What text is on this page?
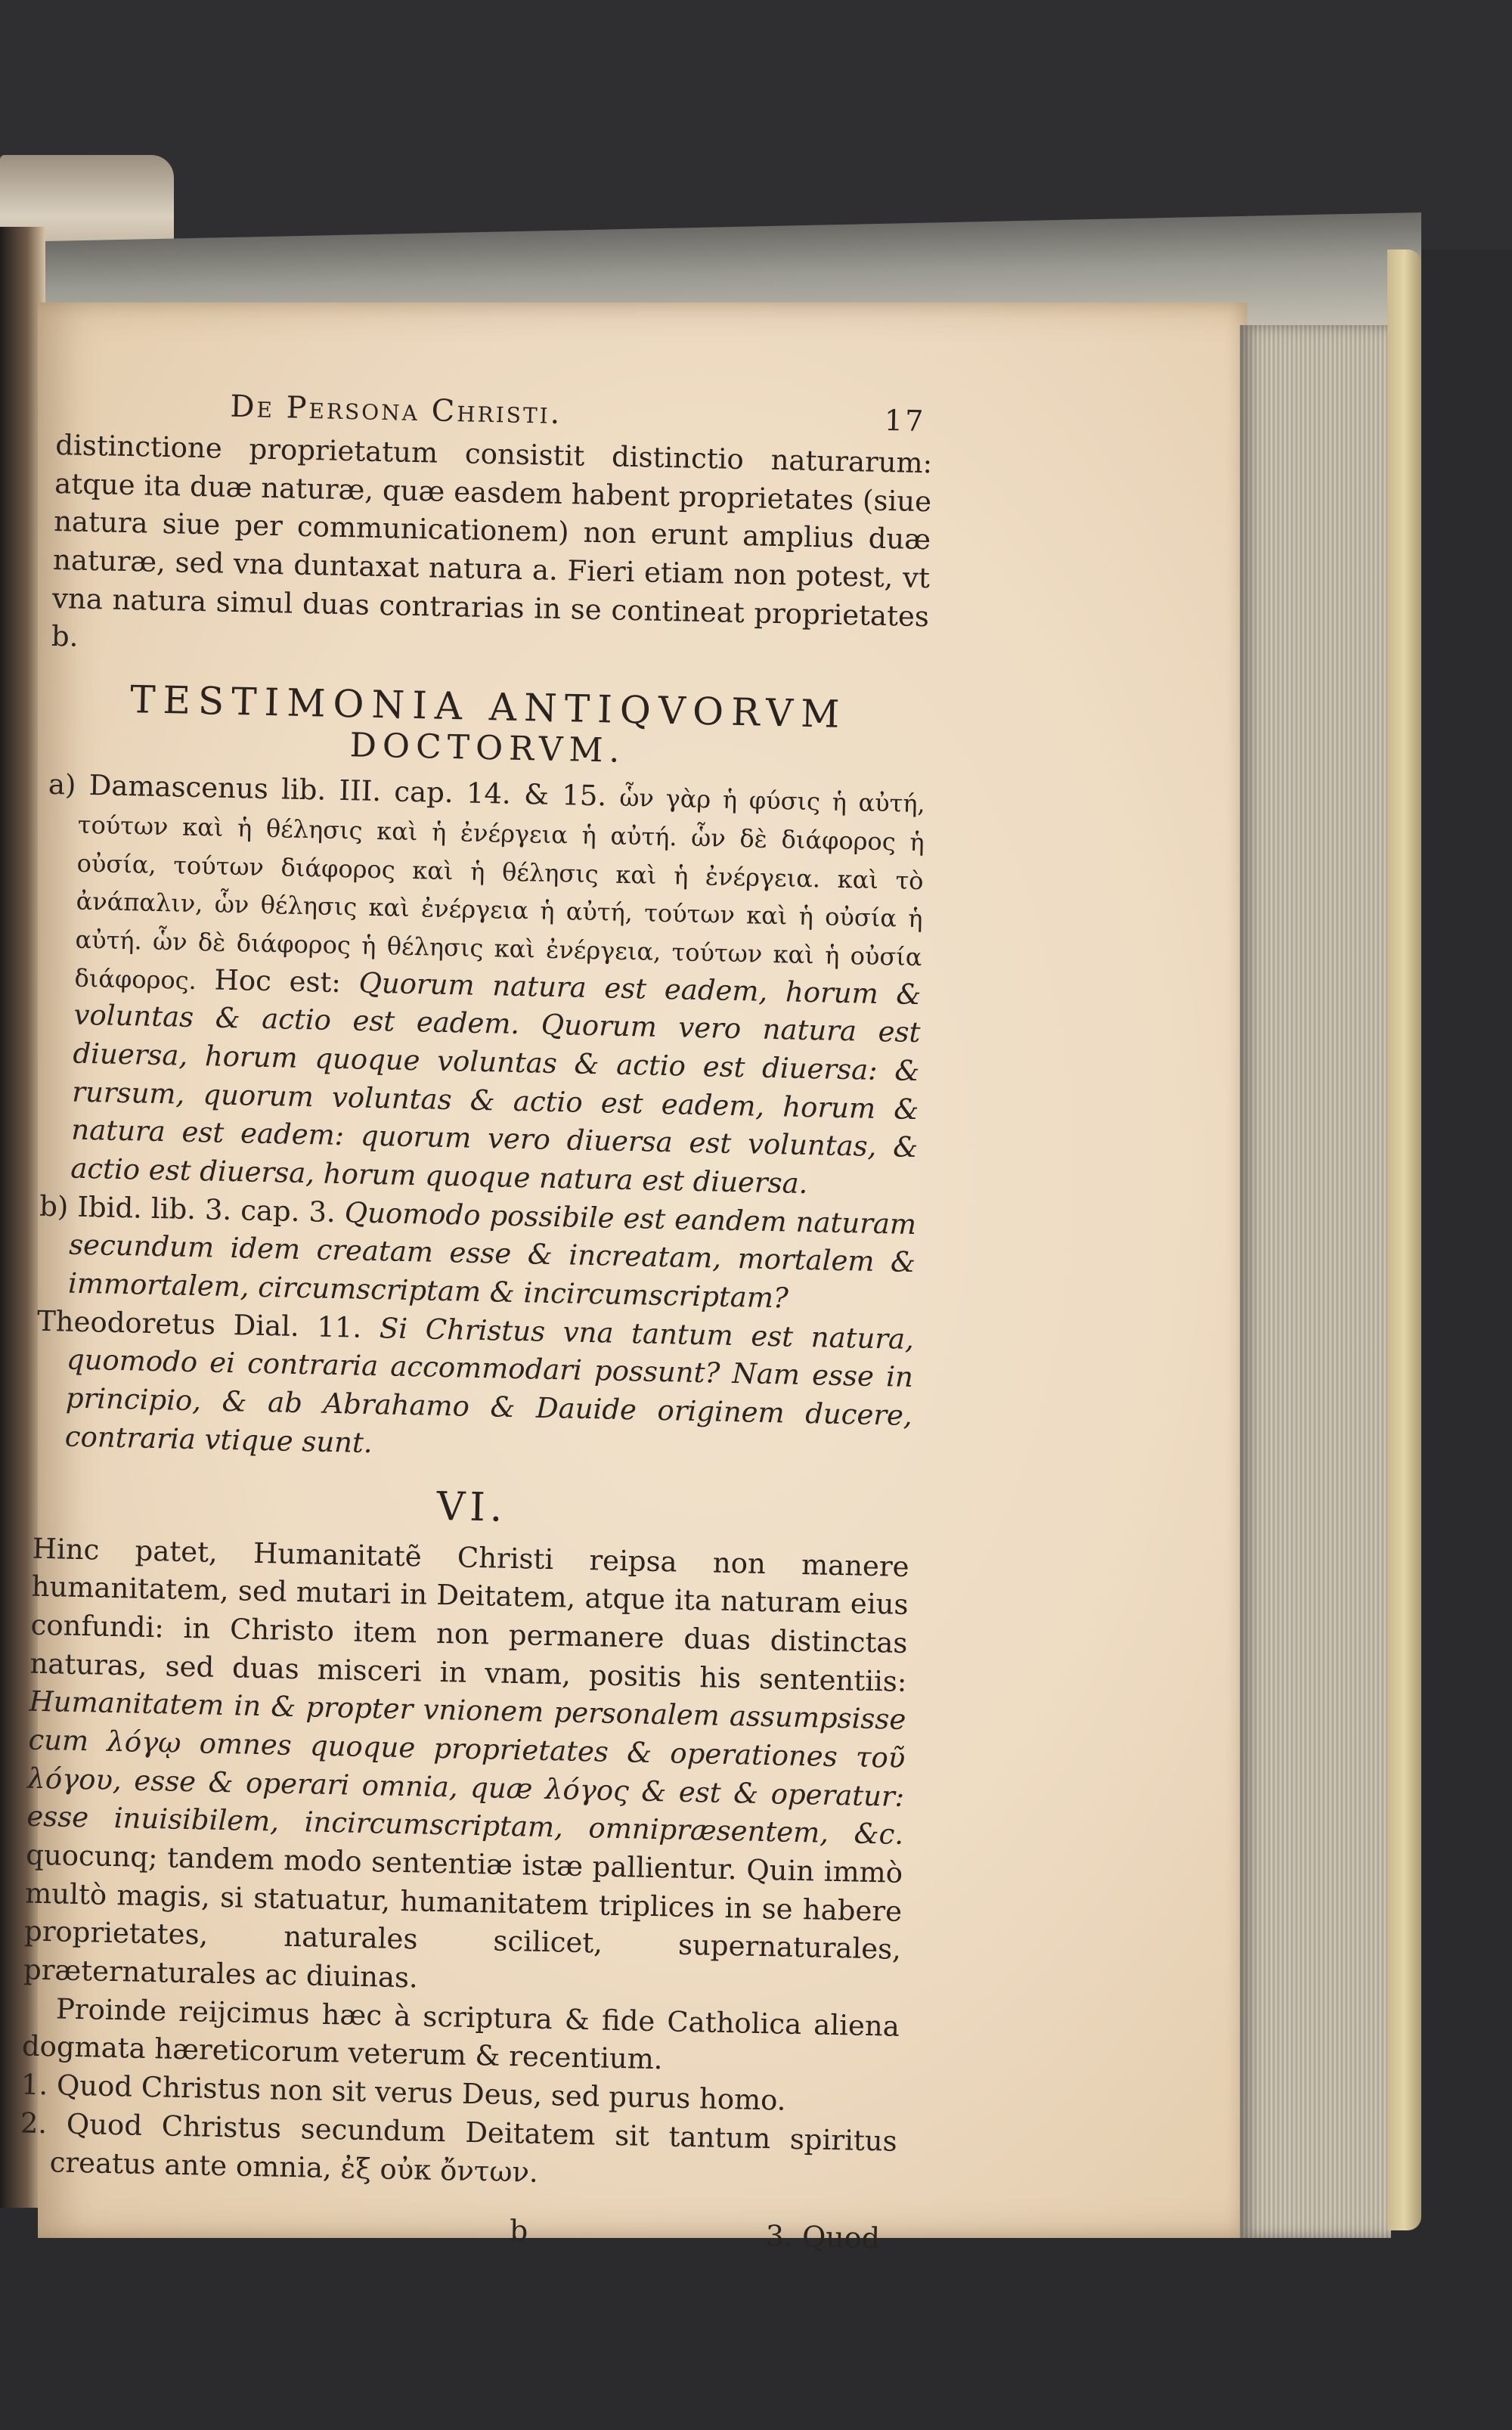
De Persona Christi.	17

distinctione proprietatum consistit distinctio naturarum: atque ita duæ naturæ, quæ easdem habent proprietates (siue natura siue per communicationem) non erunt amplius duæ naturæ, sed vna duntaxat natura a. Fieri etiam non potest, vt vna natura simul duas contrarias in se contineat proprietates b.

TESTIMONIA ANTIQVORVM
DOCTORVM.

a) Damascenus lib. III. cap. 14. & 15. ὧν γὰρ ἡ φύσις ἡ αὐτή, τούτων καὶ ἡ θέλησις καὶ ἡ ἐνέργεια ἡ αὐτή. ὧν δὲ διάφορος ἡ οὐσία, τούτων διάφορος καὶ ἡ θέλησις καὶ ἡ ἐνέργεια. καὶ τὸ ἀνάπαλιν, ὧν θέλησις καὶ ἐνέργεια ἡ αὐτή, τούτων καὶ ἡ οὐσία ἡ αὐτή. ὧν δὲ διάφορος ἡ θέλησις καὶ ἐνέργεια, τούτων καὶ ἡ οὐσία διάφορος. Hoc est: Quorum natura est eadem, horum & voluntas & actio est eadem. Quorum vero natura est diuersa, horum quoque voluntas & actio est diuersa: & rursum, quorum voluntas & actio est eadem, horum & natura est eadem: quorum vero diuersa est voluntas, & actio est diuersa, horum quoque natura est diuersa.

b) Ibid. lib. 3. cap. 3. Quomodo possibile est eandem naturam secundum idem creatam esse & increatam, mortalem & immortalem, circumscriptam & incircumscriptam?

Theodoretus Dial. 11. Si Christus vna tantum est natura, quomodo ei contraria accommodari possunt? Nam esse in principio, & ab Abrahamo & Dauide originem ducere, contraria vtique sunt.

VI.

Hinc patet, Humanitatẽ Christi reipsa non manere humanitatem, sed mutari in Deitatem, atque ita naturam eius confundi: in Christo item non permanere duas distinctas naturas, sed duas misceri in vnam, positis his sententiis: Humanitatem in & propter vnionem personalem assumpsisse cum λόγῳ omnes quoque proprietates & operationes τοῦ λόγου, esse & operari omnia, quæ λόγος & est & operatur: esse inuisibilem, incircumscriptam, omnipræsentem, &c. quocunq; tandem modo sententiæ istæ pallientur. Quin immò multò magis, si statuatur, humanitatem triplices in se habere proprietates, naturales scilicet, supernaturales, præternaturales ac diuinas.

Proinde reijcimus hæc à scriptura & fide Catholica aliena dogmata hæreticorum veterum & recentium.

1. Quod Christus non sit verus Deus, sed purus homo.

2. Quod Christus secundum Deitatem sit tantum spiritus creatus ante omnia, ἐξ οὐκ ὄντων.

b	3. Quod
